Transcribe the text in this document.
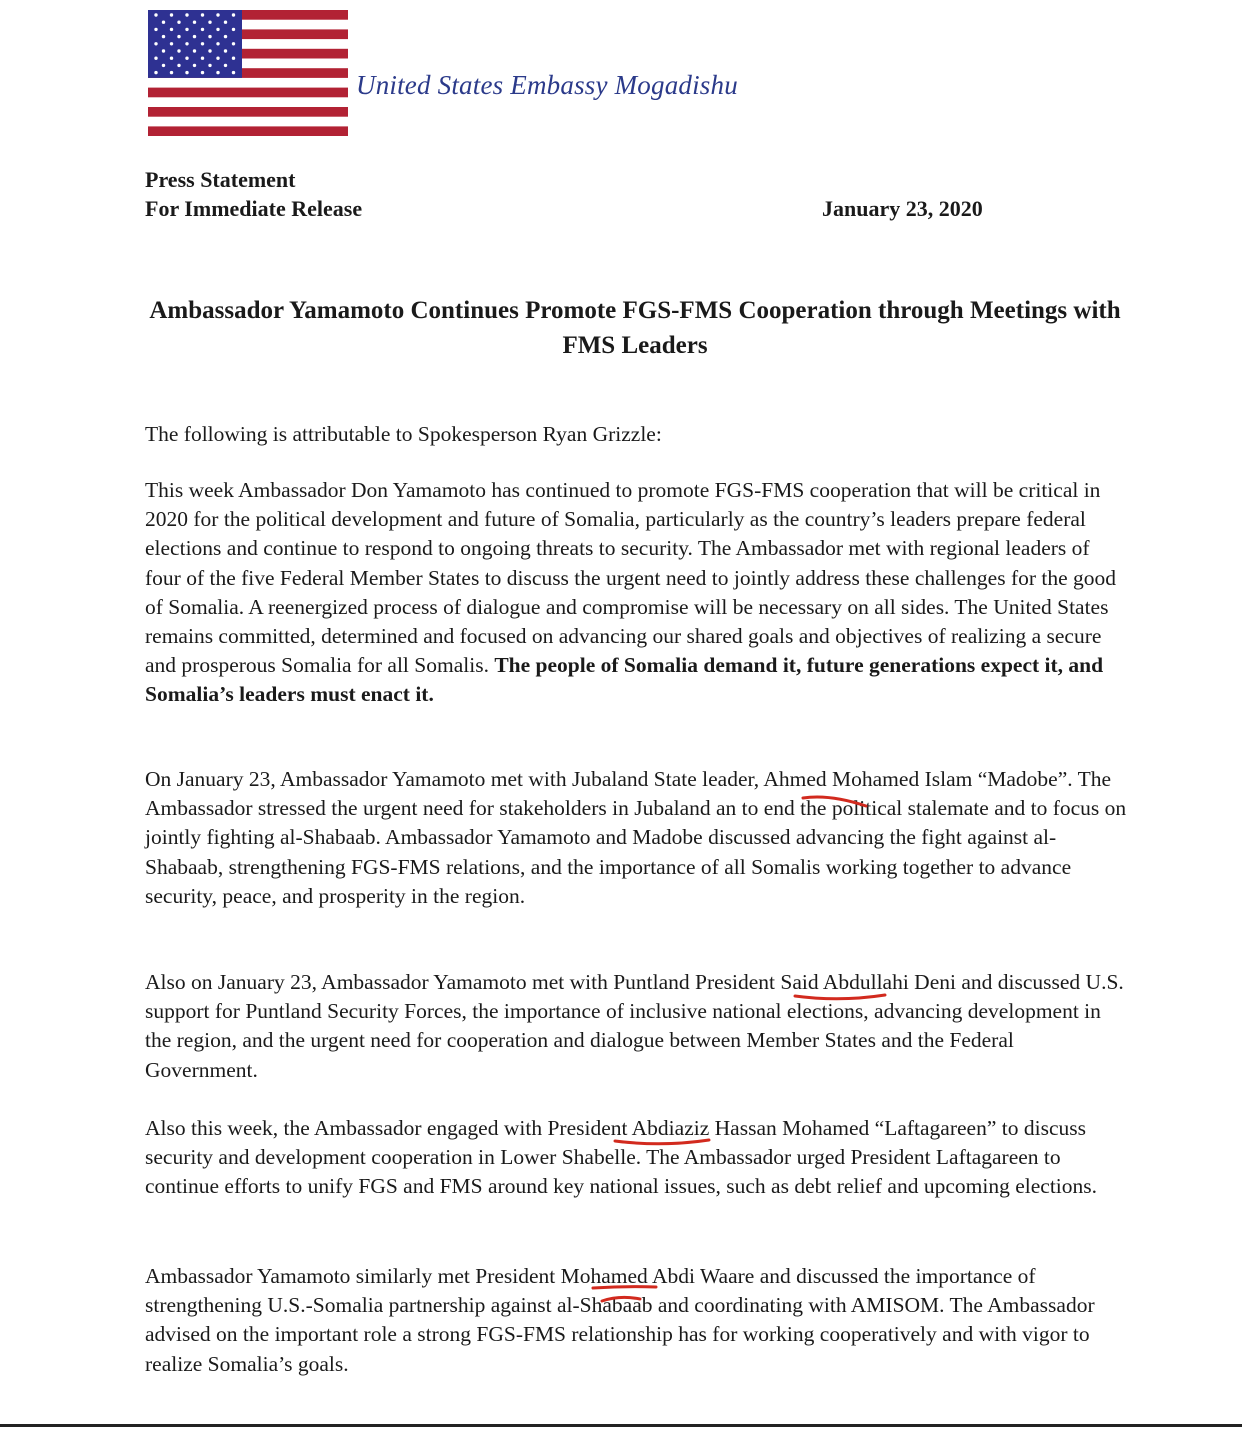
United States Embassy Mogadishu
Press Statement
For Immediate Release	January 23, 2020
Ambassador Yamamoto Continues Promote FGS-FMS Cooperation through Meetings with FMS Leaders
The following is attributable to Spokesperson Ryan Grizzle:
This week Ambassador Don Yamamoto has continued to promote FGS-FMS cooperation that will be critical in 2020 for the political development and future of Somalia, particularly as the country’s leaders prepare federal elections and continue to respond to ongoing threats to security. The Ambassador met with regional leaders of four of the five Federal Member States to discuss the urgent need to jointly address these challenges for the good of Somalia. A reenergized process of dialogue and compromise will be necessary on all sides. The United States remains committed, determined and focused on advancing our shared goals and objectives of realizing a secure and prosperous Somalia for all Somalis. The people of Somalia demand it, future generations expect it, and Somalia’s leaders must enact it.
On January 23, Ambassador Yamamoto met with Jubaland State leader, Ahmed Mohamed Islam “Madobe”. The Ambassador stressed the urgent need for stakeholders in Jubaland an to end the political stalemate and to focus on jointly fighting al-Shabaab. Ambassador Yamamoto and Madobe discussed advancing the fight against al-Shabaab, strengthening FGS-FMS relations, and the importance of all Somalis working together to advance security, peace, and prosperity in the region.
Also on January 23, Ambassador Yamamoto met with Puntland President Said Abdullahi Deni and discussed U.S. support for Puntland Security Forces, the importance of inclusive national elections, advancing development in the region, and the urgent need for cooperation and dialogue between Member States and the Federal Government.
Also this week, the Ambassador engaged with President Abdiaziz Hassan Mohamed “Laftagareen” to discuss security and development cooperation in Lower Shabelle. The Ambassador urged President Laftagareen to continue efforts to unify FGS and FMS around key national issues, such as debt relief and upcoming elections.
Ambassador Yamamoto similarly met President Mohamed Abdi Waare and discussed the importance of strengthening U.S.-Somalia partnership against al-Shabaab and coordinating with AMISOM. The Ambassador advised on the important role a strong FGS-FMS relationship has for working cooperatively and with vigor to realize Somalia’s goals.
